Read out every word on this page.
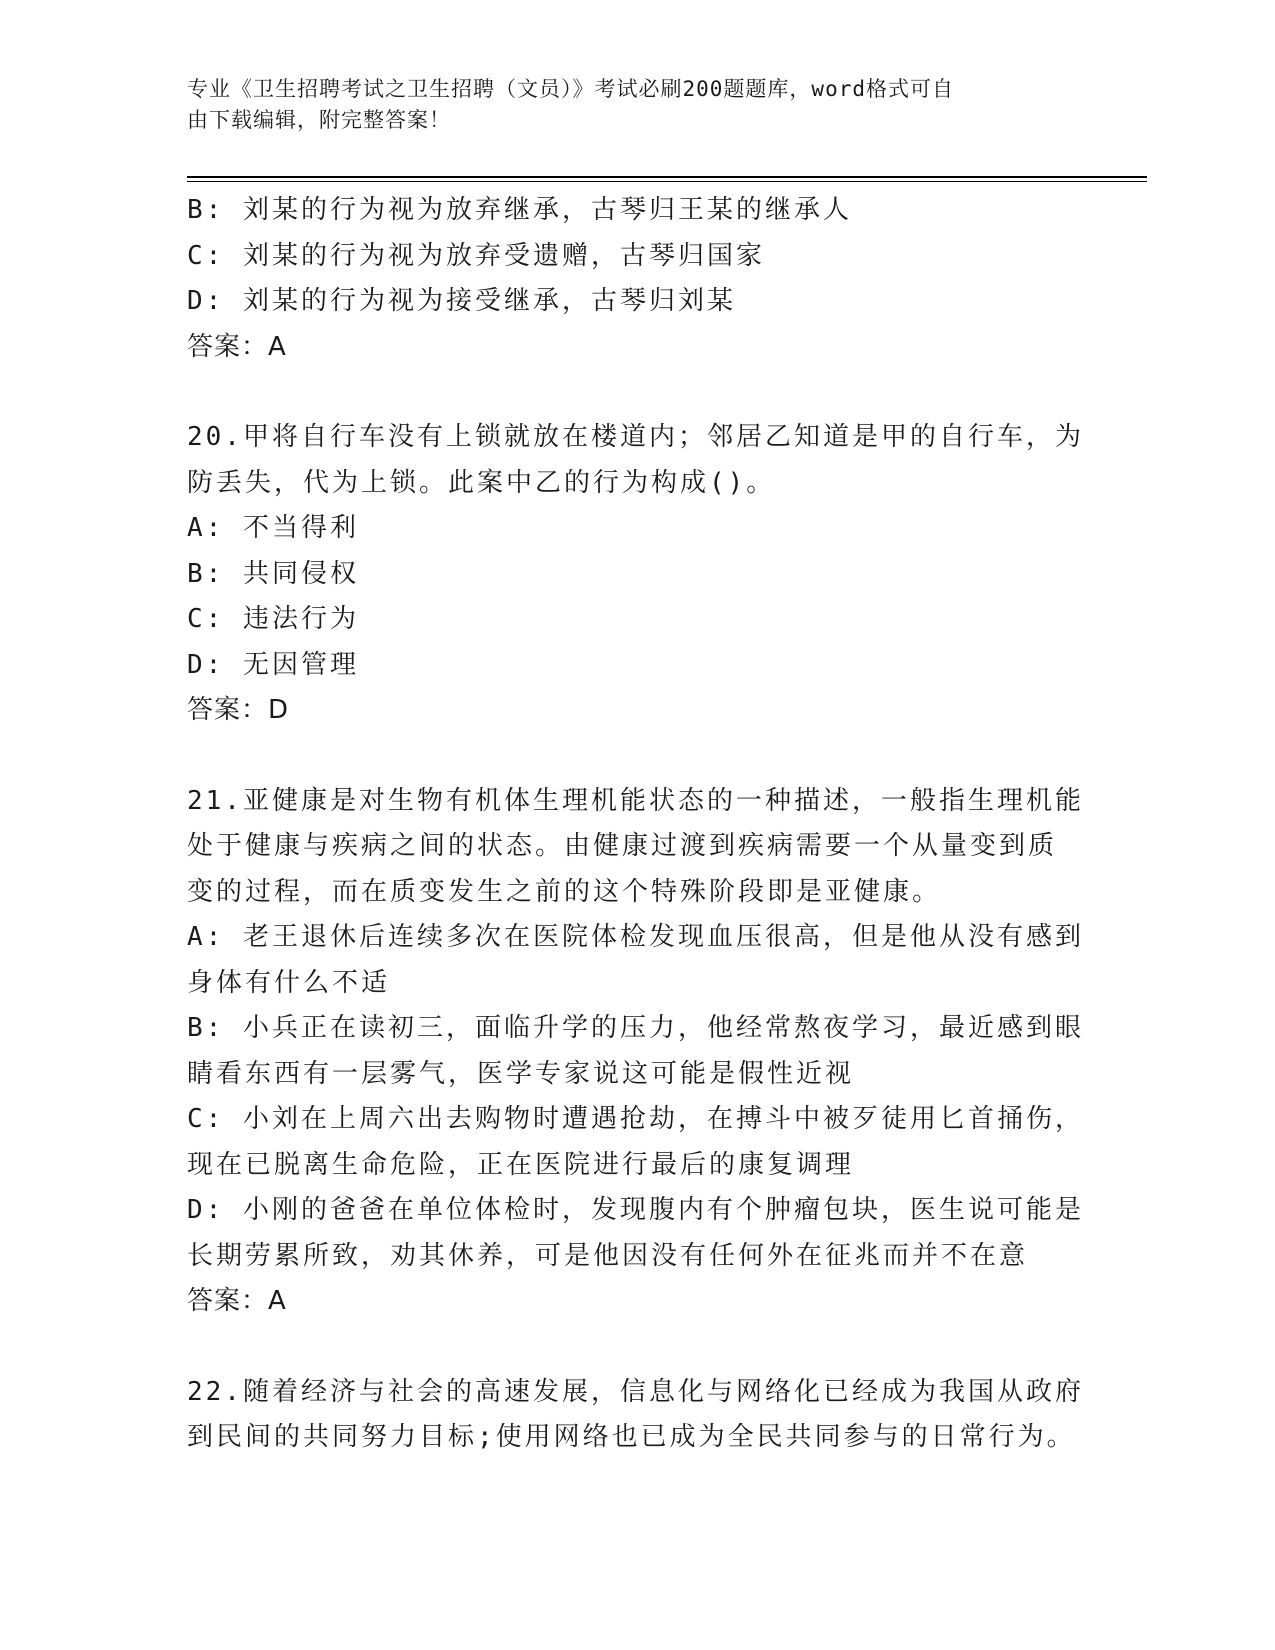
专业《卫生招聘考试之卫生招聘（文员）》考试必刷200题题库，word格式可自
由下载编辑，附完整答案！
B: 刘某的行为视为放弃继承，古琴归王某的继承人
C: 刘某的行为视为放弃受遗赠，古琴归国家
D: 刘某的行为视为接受继承，古琴归刘某
答案：A
20.甲将自行车没有上锁就放在楼道内；邻居乙知道是甲的自行车，为
防丢失，代为上锁。此案中乙的行为构成()。
A: 不当得利
B: 共同侵权
C: 违法行为
D: 无因管理
答案：D
21.亚健康是对生物有机体生理机能状态的一种描述，一般指生理机能
处于健康与疾病之间的状态。由健康过渡到疾病需要一个从量变到质
变的过程，而在质变发生之前的这个特殊阶段即是亚健康。
A: 老王退休后连续多次在医院体检发现血压很高，但是他从没有感到
身体有什么不适
B: 小兵正在读初三，面临升学的压力，他经常熬夜学习，最近感到眼
睛看东西有一层雾气，医学专家说这可能是假性近视
C: 小刘在上周六出去购物时遭遇抢劫，在搏斗中被歹徒用匕首捅伤，
现在已脱离生命危险，正在医院进行最后的康复调理
D: 小刚的爸爸在单位体检时，发现腹内有个肿瘤包块，医生说可能是
长期劳累所致，劝其休养，可是他因没有任何外在征兆而并不在意
答案：A
22.随着经济与社会的高速发展，信息化与网络化已经成为我国从政府
到民间的共同努力目标;使用网络也已成为全民共同参与的日常行为。
